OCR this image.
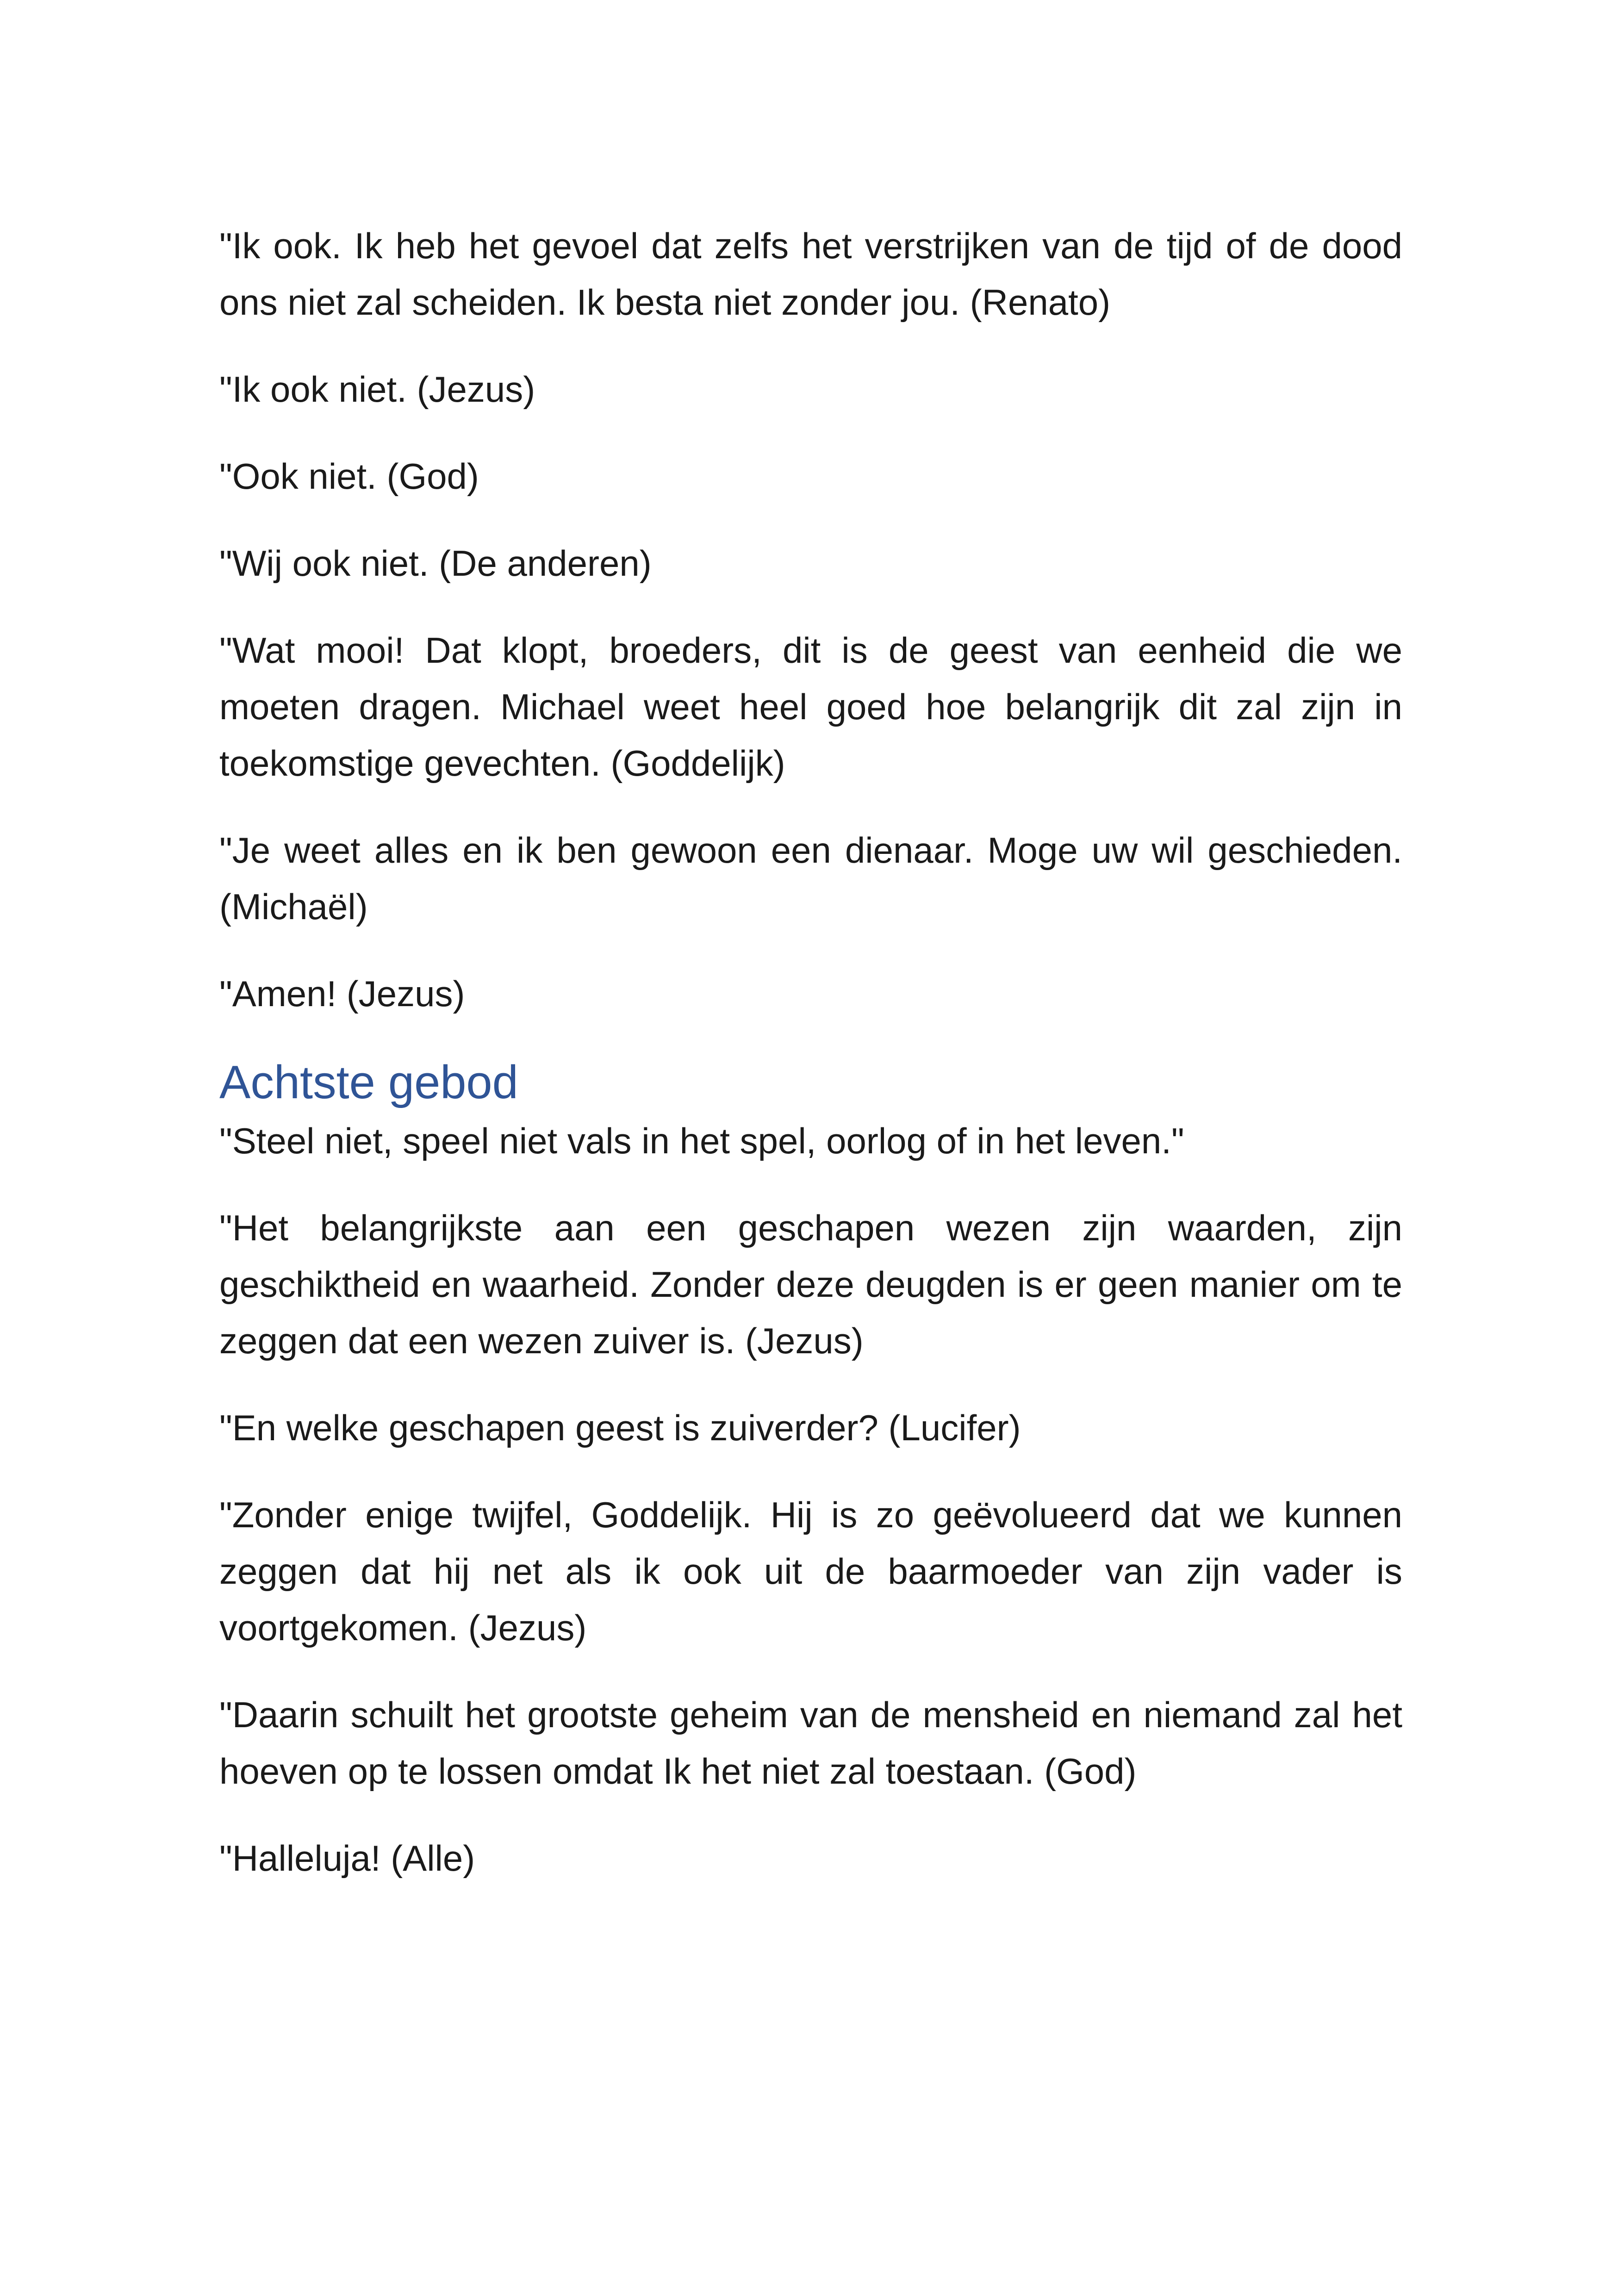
"Ik ook. Ik heb het gevoel dat zelfs het verstrijken van de tijd of de dood ons niet zal scheiden. Ik besta niet zonder jou. (Renato)

"Ik ook niet. (Jezus)

"Ook niet. (God)

"Wij ook niet. (De anderen)

"Wat mooi! Dat klopt, broeders, dit is de geest van eenheid die we moeten dragen. Michael weet heel goed hoe belangrijk dit zal zijn in toekomstige gevechten. (Goddelijk)

"Je weet alles en ik ben gewoon een dienaar. Moge uw wil geschieden. (Michaël)

"Amen! (Jezus)

Achtste gebod

"Steel niet, speel niet vals in het spel, oorlog of in het leven."

"Het belangrijkste aan een geschapen wezen zijn waarden, zijn geschiktheid en waarheid. Zonder deze deugden is er geen manier om te zeggen dat een wezen zuiver is. (Jezus)

"En welke geschapen geest is zuiverder? (Lucifer)

"Zonder enige twijfel, Goddelijk. Hij is zo geëvolueerd dat we kunnen zeggen dat hij net als ik ook uit de baarmoeder van zijn vader is voortgekomen. (Jezus)

"Daarin schuilt het grootste geheim van de mensheid en niemand zal het hoeven op te lossen omdat Ik het niet zal toestaan. (God)

"Halleluja! (Alle)
